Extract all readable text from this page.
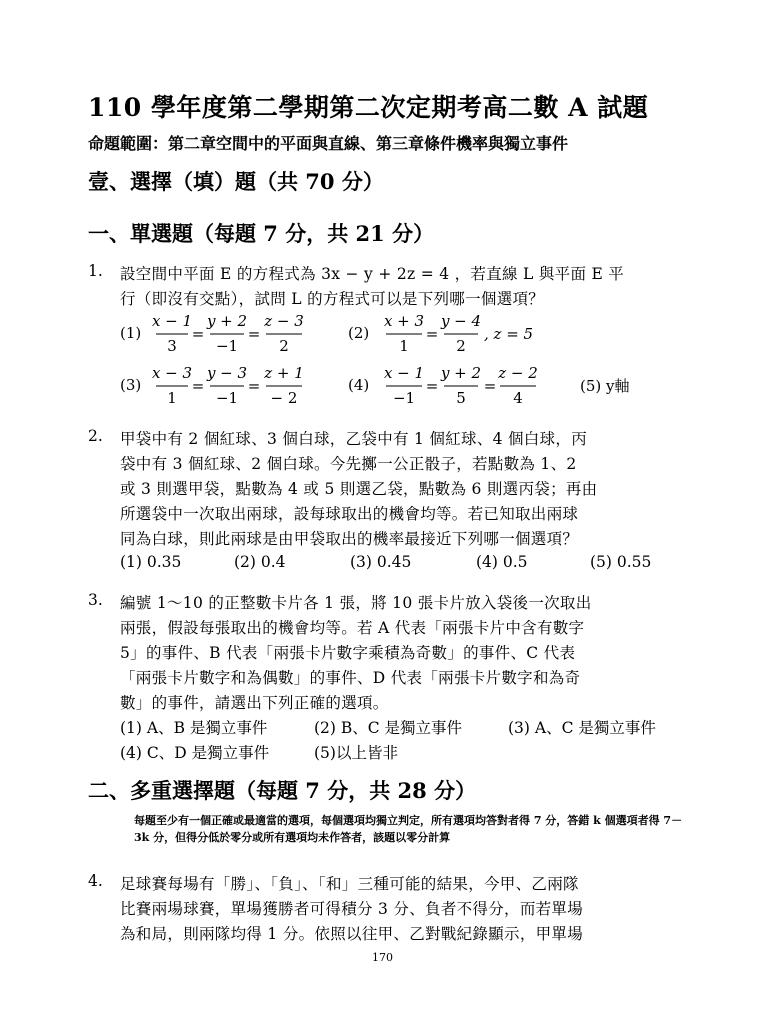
110 學年度第二學期第二次定期考高二數 A 試題
命題範圍：第二章空間中的平面與直線、第三章條件機率與獨立事件
壹、選擇（填）題（共 70 分）
一、單選題（每題 7 分，共 21 分）
1. 設空間中平面 E 的方程式為 3x − y + 2z = 4 ，若直線 L 與平面 E 平
行（即沒有交點），試問 L 的方程式可以是下列哪一個選項？
(1)
x − 1
3
=
y + 2
−1
=
z − 3
2
(2)
x + 3
1
=
y − 4
2
, z = 5
(3)
x − 3
1
=
y − 3
−1
=
z + 1
− 2
(4)
x − 1
−1
=
y + 2
5
=
z − 2
4
(5) y軸
2. 甲袋中有 2 個紅球、3 個白球，乙袋中有 1 個紅球、4 個白球，丙
袋中有 3 個紅球、2 個白球。今先擲一公正骰子，若點數為 1、2
或 3 則選甲袋，點數為 4 或 5 則選乙袋，點數為 6 則選丙袋；再由
所選袋中一次取出兩球，設每球取出的機會均等。若已知取出兩球
同為白球，則此兩球是由甲袋取出的機率最接近下列哪一個選項？
(1) 0.35	(2) 0.4	(3) 0.45	(4) 0.5	(5) 0.55
3. 編號 1～10 的正整數卡片各 1 張，將 10 張卡片放入袋後一次取出
兩張，假設每張取出的機會均等。若 A 代表「兩張卡片中含有數字
5」的事件、B 代表「兩張卡片數字乘積為奇數」的事件、C 代表
「兩張卡片數字和為偶數」的事件、D 代表「兩張卡片數字和為奇
數」的事件，請選出下列正確的選項。
(1) A、B 是獨立事件	(2) B、C 是獨立事件	(3) A、C 是獨立事件
(4) C、D 是獨立事件	(5)以上皆非
二、多重選擇題（每題 7 分，共 28 分）
每題至少有一個正確或最適當的選項，每個選項均獨立判定，所有選項均答對者得 7 分，答錯 k 個選項者得 7－3k 分，但得分低於零分或所有選項均未作答者，該題以零分計算
4. 足球賽每場有「勝」、「負」、「和」三種可能的結果，今甲、乙兩隊
比賽兩場球賽，單場獲勝者可得積分 3 分、負者不得分，而若單場
為和局，則兩隊均得 1 分。依照以往甲、乙對戰紀錄顯示，甲單場
170
